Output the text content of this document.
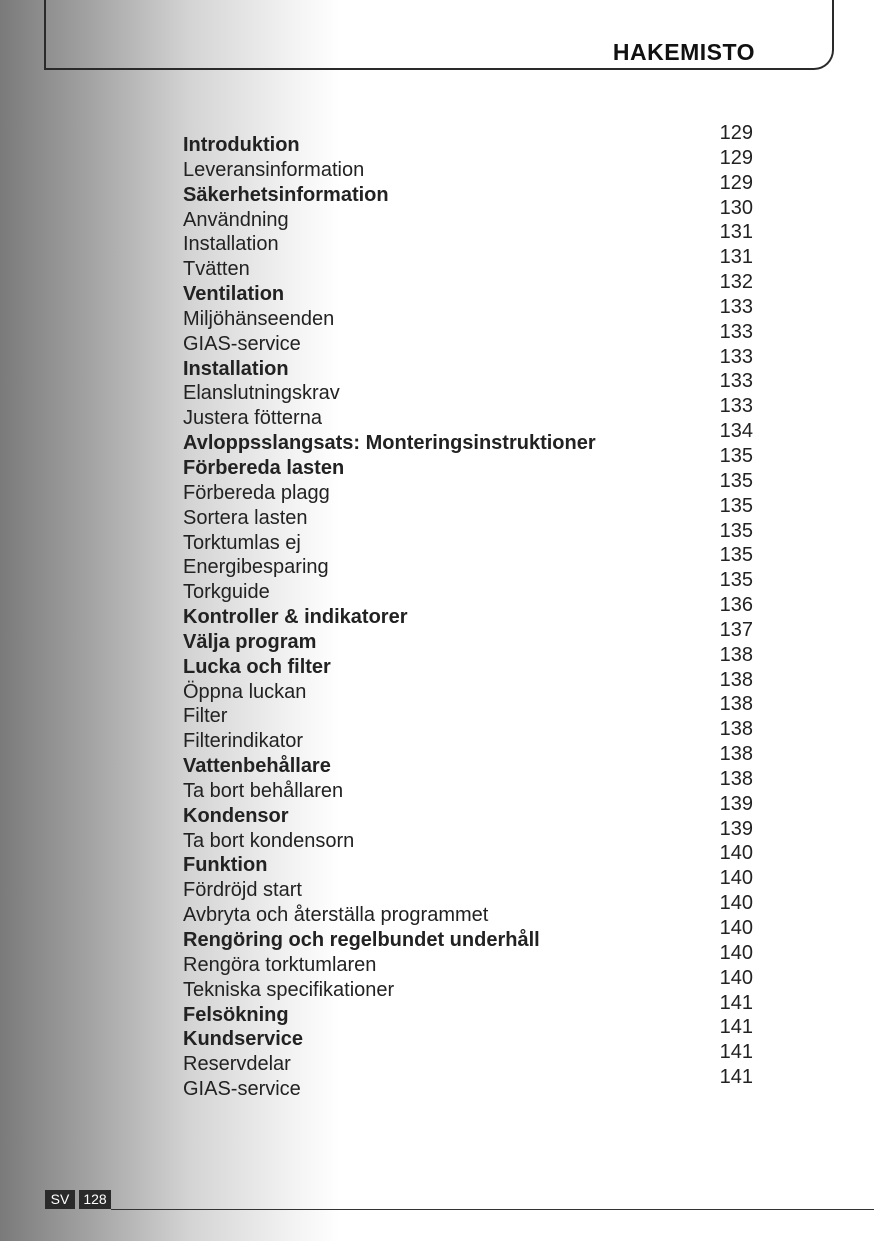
HAKEMISTO
Introduktion
129
Leveransinformation
129
Säkerhetsinformation
129
Användning
130
Installation
131
Tvätten
131
Ventilation
132
Miljöhänseenden
133
GIAS-service
133
Installation
133
Elanslutningskrav
133
Justera fötterna
133
Avloppsslangsats: Monteringsinstruktioner
134
Förbereda lasten
135
Förbereda plagg
135
Sortera lasten
135
Torktumlas ej
135
Energibesparing
135
Torkguide
135
Kontroller & indikatorer
136
Välja program
137
Lucka och filter
138
Öppna luckan
138
Filter
138
Filterindikator
138
Vattenbehållare
138
Ta bort behållaren
138
Kondensor
139
Ta bort kondensorn
139
Funktion
140
Fördröjd start
140
Avbryta och återställa programmet
140
Rengöring och regelbundet underhåll
140
Rengöra torktumlaren
140
Tekniska specifikationer
140
Felsökning
141
Kundservice
141
Reservdelar
141
GIAS-service
141
SV 128
